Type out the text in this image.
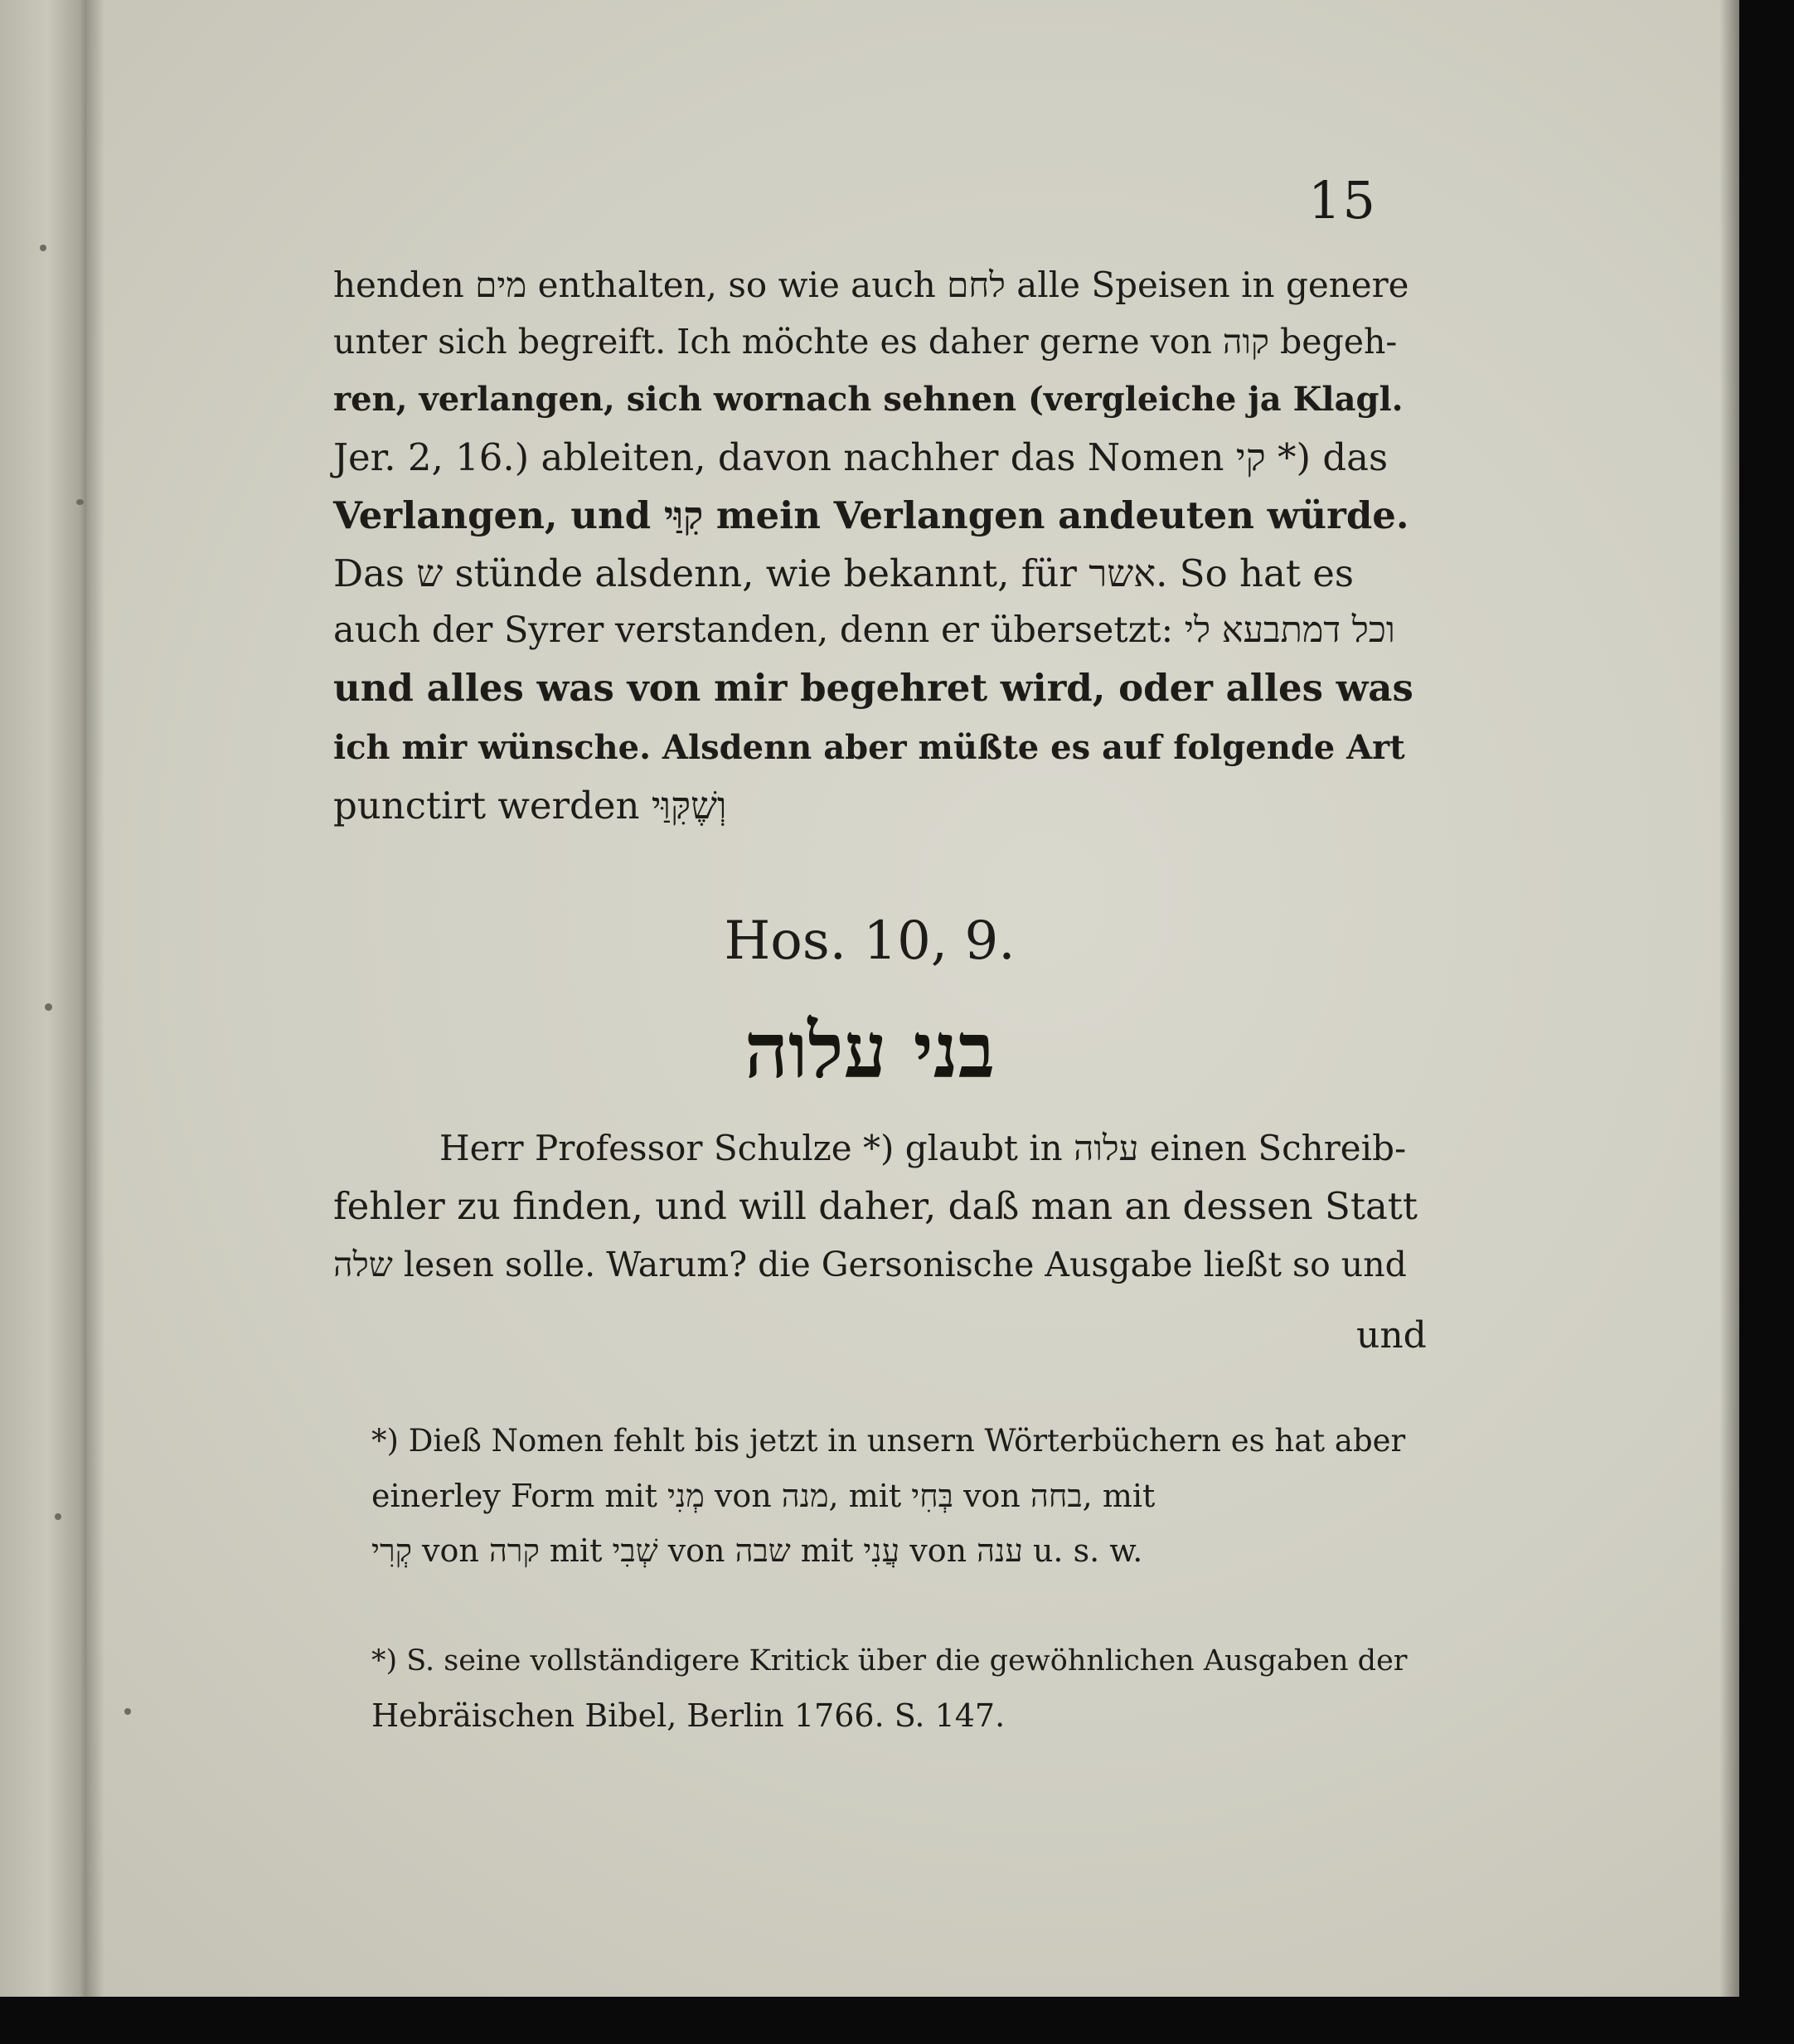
15
henden מים enthalten, so wie auch לחם alle Speisen in genere
unter sich begreift. Ich möchte es daher gerne von קוה begeh-
ren, verlangen, sich wornach sehnen (vergleiche ja Klagl.
Jer. 2, 16.) ableiten, davon nachher das Nomen קי *) das
Verlangen, und קִוַּי mein Verlangen andeuten würde.
Das ש stünde alsdenn, wie bekannt, für אשר. So hat es
auch der Syrer verstanden, denn er übersetzt: וכל דמתבעא לי
und alles was von mir begehret wird, oder alles was
ich mir wünsche. Alsdenn aber müßte es auf folgende Art
punctirt werden וְשֶׁקִּוַּי
Hos. 10, 9.
בני עלוה
Herr Professor Schulze *) glaubt in עלוה einen Schreib-
fehler zu finden, und will daher, daß man an dessen Statt
שלה lesen solle. Warum? die Gersonische Ausgabe ließt so und
und
*) Dieß Nomen fehlt bis jetzt in unsern Wörterbüchern es hat aber
einerley Form mit מְנִי von מנה, mit בְּחִי von בחה, mit
קְרִי von קרה mit שְׁבִי von שבה mit עֲנִי von ענה u. s. w.
*) S. seine vollständigere Kritick über die gewöhnlichen Ausgaben der
Hebräischen Bibel, Berlin 1766. S. 147.
